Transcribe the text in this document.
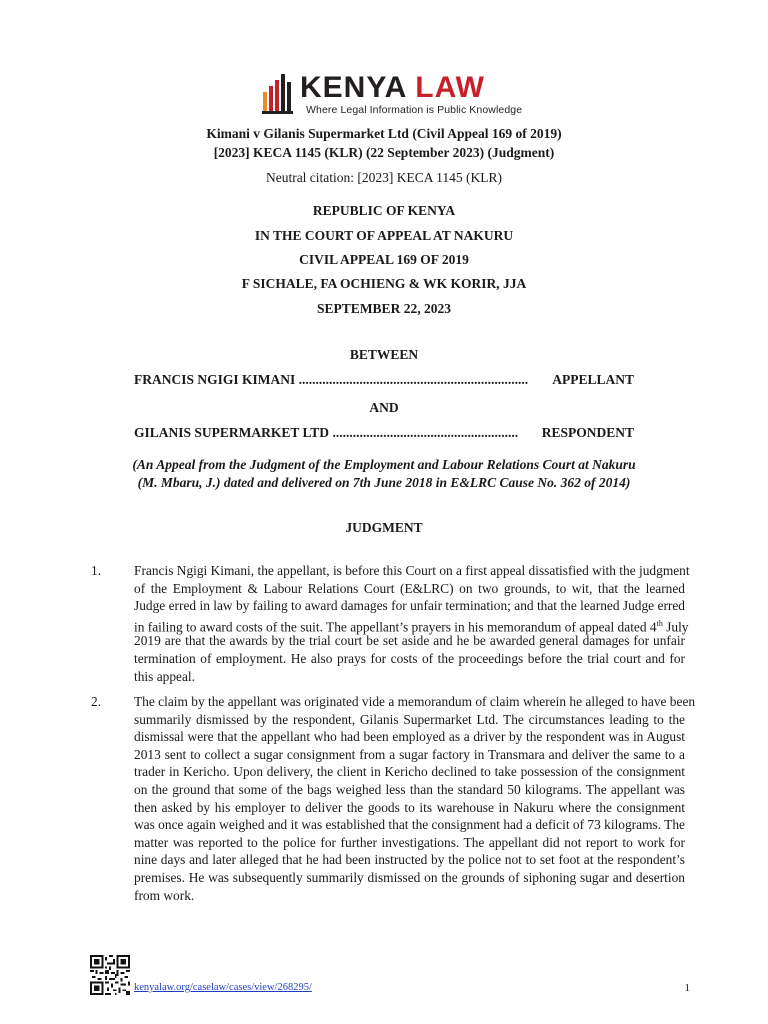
KENYA LAW
Where Legal Information is Public Knowledge
Kimani v Gilanis Supermarket Ltd (Civil Appeal 169 of 2019)
[2023] KECA 1145 (KLR) (22 September 2023) (Judgment)
Neutral citation: [2023] KECA 1145 (KLR)
REPUBLIC OF KENYA
IN THE COURT OF APPEAL AT NAKURU
CIVIL APPEAL 169 OF 2019
F SICHALE, FA OCHIENG & WK KORIR, JJA
SEPTEMBER 22, 2023
BETWEEN
FRANCIS NGIGI KIMANI .................................................................... APPELLANT
AND
GILANIS SUPERMARKET LTD ....................................................... RESPONDENT
(An Appeal from the Judgment of the Employment and Labour Relations Court at Nakuru
(M. Mbaru, J.) dated and delivered on 7th June 2018 in E&LRC Cause No. 362 of 2014)
JUDGMENT
1. Francis Ngigi Kimani, the appellant, is before this Court on a first appeal dissatisfied with the judgment
of the Employment & Labour Relations Court (E&LRC) on two grounds, to wit, that the learned
Judge erred in law by failing to award damages for unfair termination; and that the learned Judge erred
in failing to award costs of the suit. The appellant’s prayers in his memorandum of appeal dated 4th July
2019 are that the awards by the trial court be set aside and he be awarded general damages for unfair
termination of employment. He also prays for costs of the proceedings before the trial court and for
this appeal.
2. The claim by the appellant was originated vide a memorandum of claim wherein he alleged to have been
summarily dismissed by the respondent, Gilanis Supermarket Ltd. The circumstances leading to the
dismissal were that the appellant who had been employed as a driver by the respondent was in August
2013 sent to collect a sugar consignment from a sugar factory in Transmara and deliver the same to a
trader in Kericho. Upon delivery, the client in Kericho declined to take possession of the consignment
on the ground that some of the bags weighed less than the standard 50 kilograms. The appellant was
then asked by his employer to deliver the goods to its warehouse in Nakuru where the consignment
was once again weighed and it was established that the consignment had a deficit of 73 kilograms. The
matter was reported to the police for further investigations. The appellant did not report to work for
nine days and later alleged that he had been instructed by the police not to set foot at the respondent’s
premises. He was subsequently summarily dismissed on the grounds of siphoning sugar and desertion
from work.
kenyalaw.org/caselaw/cases/view/268295/	1
